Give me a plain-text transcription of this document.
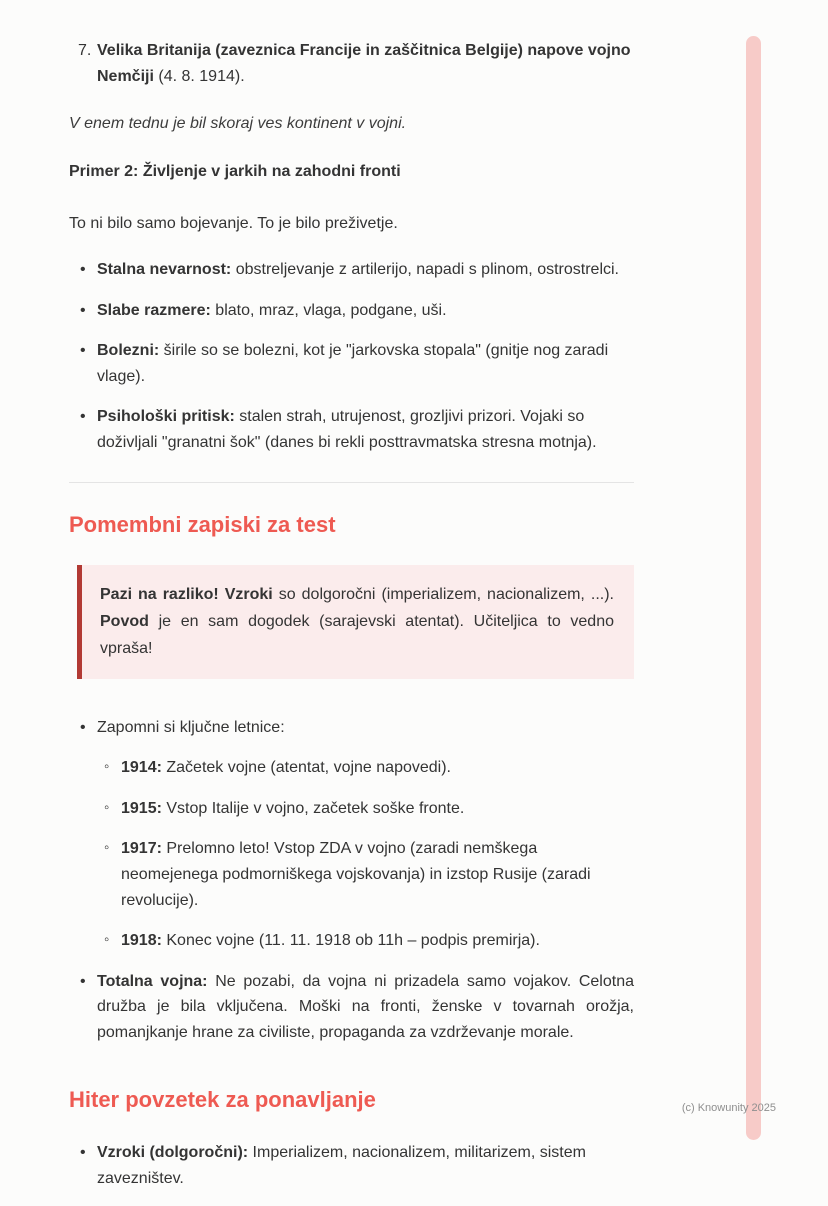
7. Velika Britanija (zaveznica Francije in zaščitnica Belgije) napove vojno Nemčiji (4. 8. 1914).

V enem tednu je bil skoraj ves kontinent v vojni.

Primer 2: Življenje v jarkih na zahodni fronti

To ni bilo samo bojevanje. To je bilo preživetje.

• Stalna nevarnost: obstreljevanje z artilerijo, napadi s plinom, ostrostrelci.

• Slabe razmere: blato, mraz, vlaga, podgane, uši.

• Bolezni: širile so se bolezni, kot je "jarkovska stopala" (gnitje nog zaradi vlage).

• Psihološki pritisk: stalen strah, utrujenost, grozljivi prizori. Vojaki so doživljali "granatni šok" (danes bi rekli posttravmatska stresna motnja).

Pomembni zapiski za test

Pazi na razliko! Vzroki so dolgoročni (imperializem, nacionalizem, ...). Povod je en sam dogodek (sarajevski atentat). Učiteljica to vedno vpraša!

• Zapomni si ključne letnice:

◦ 1914: Začetek vojne (atentat, vojne napovedi).

◦ 1915: Vstop Italije v vojno, začetek soške fronte.

◦ 1917: Prelomno leto! Vstop ZDA v vojno (zaradi nemškega neomejenega podmorniškega vojskovanja) in izstop Rusije (zaradi revolucije).

◦ 1918: Konec vojne (11. 11. 1918 ob 11h – podpis premirja).

• Totalna vojna: Ne pozabi, da vojna ni prizadela samo vojakov. Celotna družba je bila vključena. Moški na fronti, ženske v tovarnah orožja, pomanjkanje hrane za civiliste, propaganda za vzdrževanje morale.

Hiter povzetek za ponavljanje
• Vzroki (dolgoročni): Imperializem, nacionalizem, militarizem, sistem zavezništev.

(c) Knowunity 2025
